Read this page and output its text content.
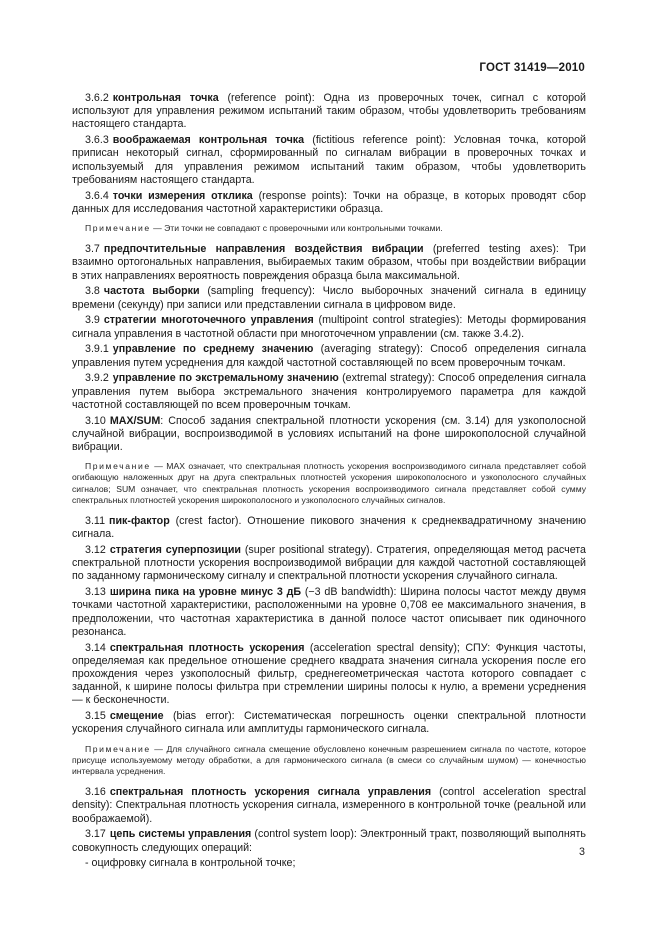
ГОСТ 31419—2010

3.6.2 контрольная точка (reference point): Одна из проверочных точек, сигнал с которой используют для управления режимом испытаний таким образом, чтобы удовлетворить требованиям настоящего стандарта.

3.6.3 воображаемая контрольная точка (fictitious reference point): Условная точка, которой приписан некоторый сигнал, сформированный по сигналам вибрации в проверочных точках и используемый для управления режимом испытаний таким образом, чтобы удовлетворить требованиям настоящего стандарта.

3.6.4 точки измерения отклика (response points): Точки на образце, в которых проводят сбор данных для исследования частотной характеристики образца.

Примечание — Эти точки не совпадают с проверочными или контрольными точками.

3.7 предпочтительные направления воздействия вибрации (preferred testing axes): Три взаимно ортогональных направления, выбираемых таким образом, чтобы при воздействии вибрации в этих направлениях вероятность повреждения образца была максимальной.

3.8 частота выборки (sampling frequency): Число выборочных значений сигнала в единицу времени (секунду) при записи или представлении сигнала в цифровом виде.

3.9 стратегии многоточечного управления (multipoint control strategies): Методы формирования сигнала управления в частотной области при многоточечном управлении (см. также 3.4.2).

3.9.1 управление по среднему значению (averaging strategy): Способ определения сигнала управления путем усреднения для каждой частотной составляющей по всем проверочным точкам.

3.9.2 управление по экстремальному значению (extremal strategy): Способ определения сигнала управления путем выбора экстремального значения контролируемого параметра для каждой частотной составляющей по всем проверочным точкам.

3.10 MAX/SUM: Способ задания спектральной плотности ускорения (см. 3.14) для узкополосной случайной вибрации, воспроизводимой в условиях испытаний на фоне широкополосной случайной вибрации.

Примечание — MAX означает, что спектральная плотность ускорения воспроизводимого сигнала представляет собой огибающую наложенных друг на друга спектральных плотностей ускорения широкополосного и узкополосного случайных сигналов; SUM означает, что спектральная плотность ускорения воспроизводимого сигнала представляет собой сумму спектральных плотностей ускорения широкополосного и узкополосного случайных сигналов.

3.11 пик-фактор (crest factor). Отношение пикового значения к среднеквадратичному значению сигнала.

3.12 стратегия суперпозиции (super positional strategy). Стратегия, определяющая метод расчета спектральной плотности ускорения воспроизводимой вибрации для каждой частотной составляющей по заданному гармоническому сигналу и спектральной плотности ускорения случайного сигнала.

3.13 ширина пика на уровне минус 3 дБ (−3 dB bandwidth): Ширина полосы частот между двумя точками частотной характеристики, расположенными на уровне 0,708 ее максимального значения, в предположении, что частотная характеристика в данной полосе частот описывает пик одиночного резонанса.

3.14 спектральная плотность ускорения (acceleration spectral density); СПУ: Функция частоты, определяемая как предельное отношение среднего квадрата значения сигнала ускорения после его прохождения через узкополосный фильтр, среднегеометрическая частота которого совпадает с заданной, к ширине полосы фильтра при стремлении ширины полосы к нулю, а времени усреднения — к бесконечности.

3.15 смещение (bias error): Систематическая погрешность оценки спектральной плотности ускорения случайного сигнала или амплитуды гармонического сигнала.

Примечание — Для случайного сигнала смещение обусловлено конечным разрешением сигнала по частоте, которое присуще используемому методу обработки, а для гармонического сигнала (в смеси со случайным шумом) — конечностью интервала усреднения.

3.16 спектральная плотность ускорения сигнала управления (control acceleration spectral density): Спектральная плотность ускорения сигнала, измеренного в контрольной точке (реальной или воображаемой).

3.17 цепь системы управления (control system loop): Электронный тракт, позволяющий выполнять совокупность следующих операций:

- оцифровку сигнала в контрольной точке;

3
